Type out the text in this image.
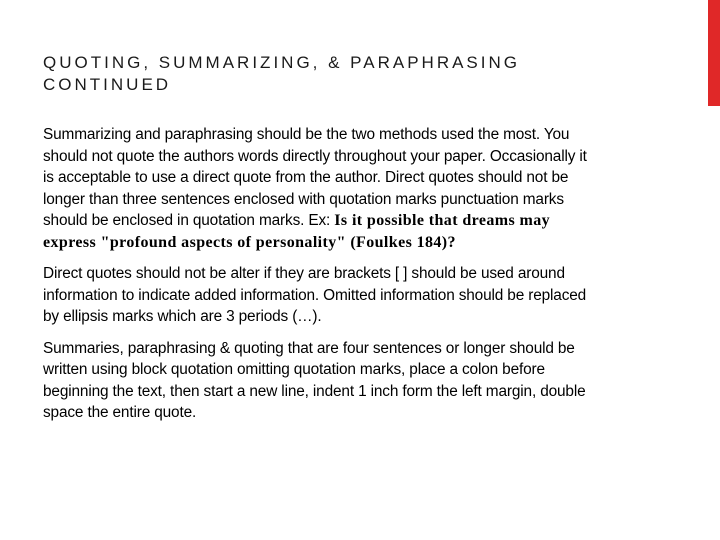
QUOTING, SUMMARIZING, & PARAPHRASING
CONTINUED

Summarizing and paraphrasing should be the two methods used the most. You
should not quote the authors words directly throughout your paper. Occasionally it
is acceptable to use a direct quote from the author. Direct quotes should not be
longer than three sentences enclosed with quotation marks punctuation marks
should be enclosed in quotation marks. Ex: Is it possible that dreams may
express "profound aspects of personality" (Foulkes 184)?

Direct quotes should not be alter if they are brackets [ ] should be used around
information to indicate added information. Omitted information should be replaced
by ellipsis marks which are 3 periods (…).

Summaries, paraphrasing & quoting that are four sentences or longer should be
written using block quotation omitting quotation marks, place a colon before
beginning the text, then start a new line, indent 1 inch form the left margin, double
space the entire quote.
